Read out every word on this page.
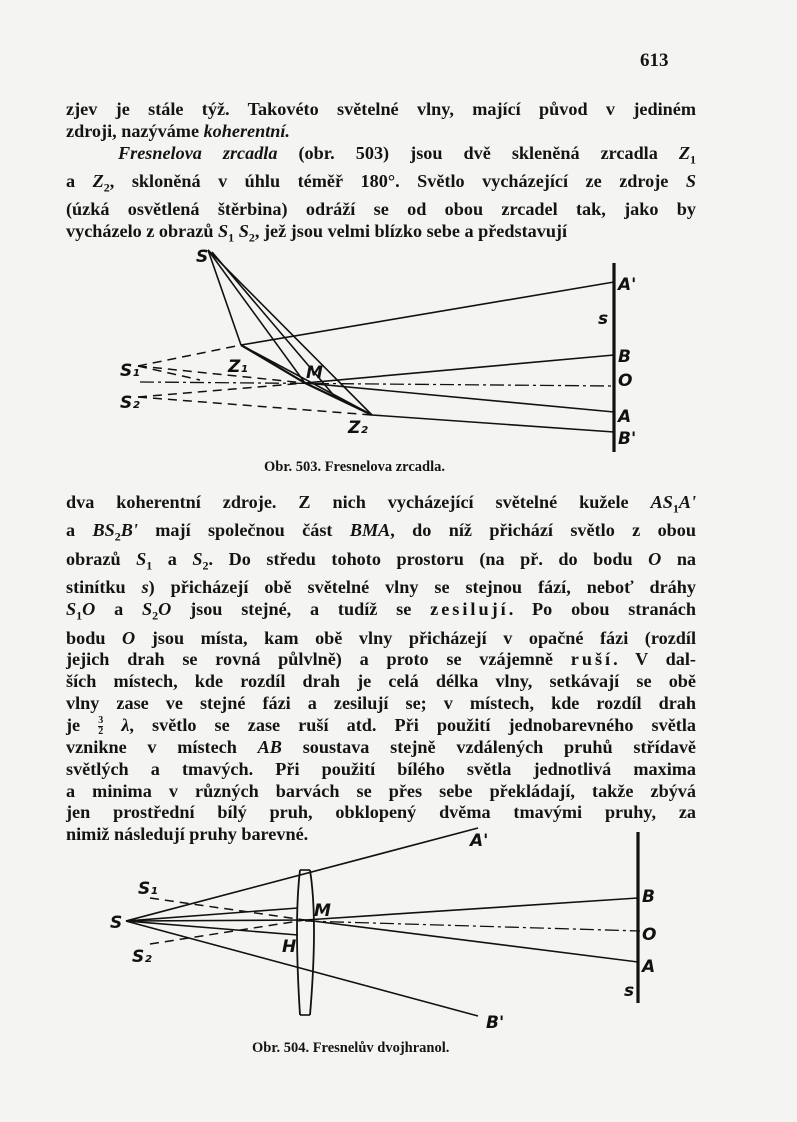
613
zjev je stále týž. Takovéto světelné vlny, mající původ v jediném
zdroji, nazýváme koherentní.
Fresnelova zrcadla (obr. 503) jsou dvě skleněná zrcadla $Z_1$
a $Z_2$, skloněná v úhlu téměř 180°. Světlo vycházející ze zdroje S
(úzká osvětlená štěrbina) odráží se od obou zrcadel tak, jako by
vycházelo z obrazů $S_1$ $S_2$, jež jsou velmi blízko sebe a představují
S
S₁
S₂
Z₁
Z₂
M
A'
s
B
O
A
B'
Obr. 503. Fresnelova zrcadla.
dva koherentní zdroje. Z nich vycházející světelné kužele $AS_1A'$
a $BS_2B'$ mají společnou část BMA, do níž přichází světlo z obou
obrazů $S_1$ a $S_2$. Do středu tohoto prostoru (na př. do bodu O na
stinítku s) přicházejí obě světelné vlny se stejnou fází, neboť dráhy
$S_1O$ a $S_2O$ jsou stejné, a tudíž se zesilují. Po obou stranách
bodu O jsou místa, kam obě vlny přicházejí v opačné fázi (rozdíl
jejich drah se rovná půlvlně) a proto se vzájemně ruší. V dal-
ších místech, kde rozdíl drah je celá délka vlny, setkávají se obě
vlny zase ve stejné fázi a zesilují se; v místech, kde rozdíl drah
je $\frac{3}{2} \lambda$, světlo se zase ruší atd. Při použití jednobarevného světla
vznikne v místech AB soustava stejně vzdálených pruhů střídavě
světlých a tmavých. Při použití bílého světla jednotlivá maxima
a minima v různých barvách se přes sebe překládají, takže zbývá
jen prostřední bílý pruh, obklopený dvěma tmavými pruhy, za
nimiž následují pruhy barevné.
S
S₁
S₂
M
H
A'
B
O
A
s
B'
Obr. 504. Fresnelův dvojhranol.
